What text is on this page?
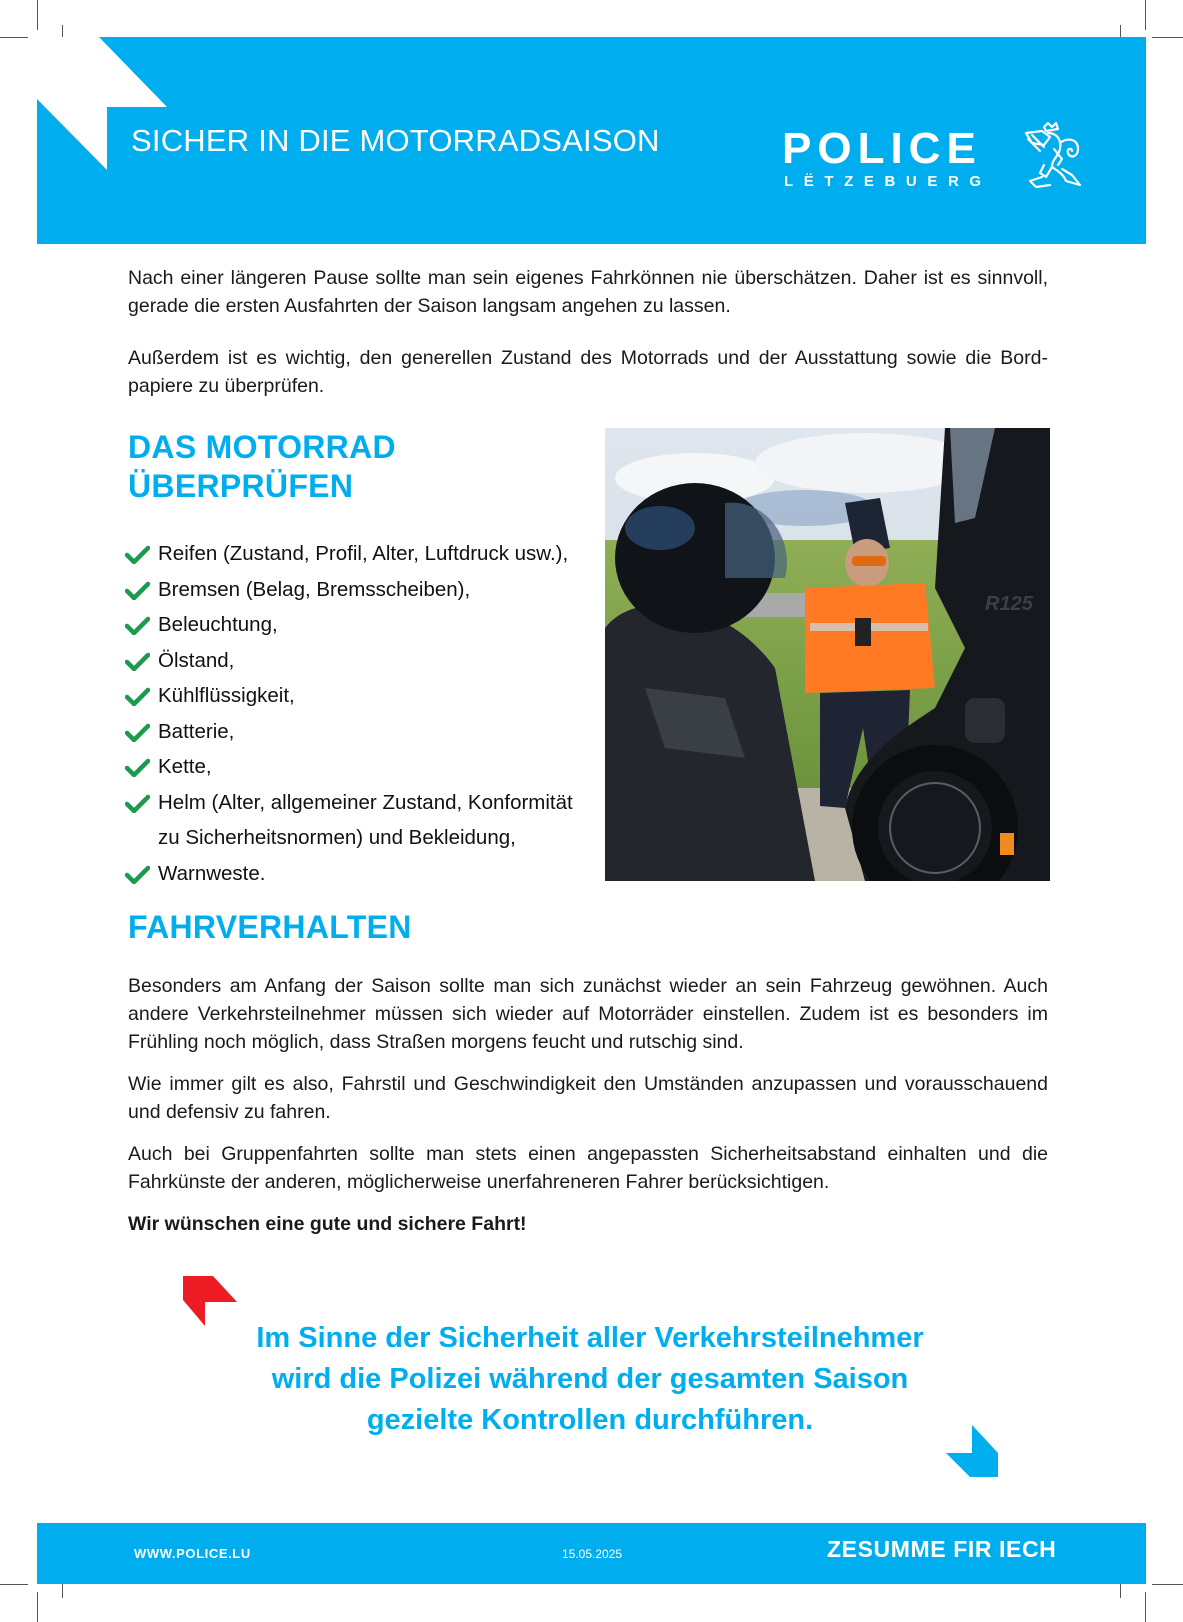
SICHER IN DIE MOTORRADSAISON	POLICE
LËTZEBUERG

Nach einer längeren Pause sollte man sein eigenes Fahrkönnen nie überschätzen. Daher ist es sinnvoll, gerade die ersten Ausfahrten der Saison langsam angehen zu lassen.

Außerdem ist es wichtig, den generellen Zustand des Motorrads und der Ausstattung sowie die Bord-papiere zu überprüfen.

DAS MOTORRAD
ÜBERPRÜFEN
Reifen (Zustand, Profil, Alter, Luftdruck usw.),
Bremsen (Belag, Bremsscheiben),
Beleuchtung,
Ölstand,
Kühlflüssigkeit,
Batterie,
Kette,
Helm (Alter, allgemeiner Zustand, Konformität zu Sicherheitsnormen) und Bekleidung,
Warnweste.
R125
FAHRVERHALTEN

Besonders am Anfang der Saison sollte man sich zunächst wieder an sein Fahrzeug gewöhnen. Auch andere Verkehrsteilnehmer müssen sich wieder auf Motorräder einstellen. Zudem ist es besonders im Frühling noch möglich, dass Straßen morgens feucht und rutschig sind.

Wie immer gilt es also, Fahrstil und Geschwindigkeit den Umständen anzupassen und vorausschauend und defensiv zu fahren.

Auch bei Gruppenfahrten sollte man stets einen angepassten Sicherheitsabstand einhalten und die Fahrkünste der anderen, möglicherweise unerfahreneren Fahrer berücksichtigen.

Wir wünschen eine gute und sichere Fahrt!

Im Sinne der Sicherheit aller Verkehrsteilnehmer
wird die Polizei während der gesamten Saison
gezielte Kontrollen durchführen.
WWW.POLICE.LU	15.05.2025	ZESUMME FIR IECH
